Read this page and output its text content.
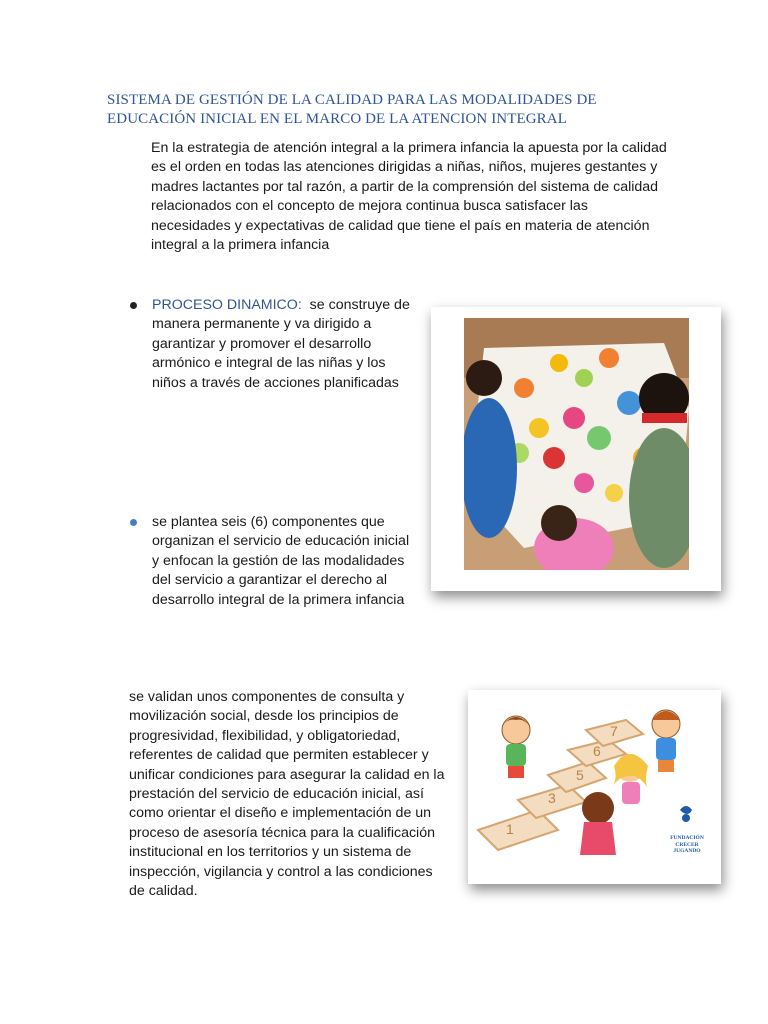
SISTEMA DE GESTIÓN DE LA CALIDAD PARA LAS MODALIDADES DE EDUCACIÓN INICIAL EN EL MARCO DE LA ATENCION INTEGRAL
En la estrategia de atención integral a la primera infancia la apuesta por la calidad es el orden en todas las atenciones dirigidas a niñas, niños, mujeres gestantes y madres lactantes por tal razón, a partir de la comprensión del sistema de calidad relacionados con el concepto de mejora continua busca satisfacer las necesidades y expectativas de calidad que tiene el país en materia de atención integral a la primera infancia
PROCESO DINAMICO: se construye de manera permanente y va dirigido a garantizar y promover el desarrollo armónico e integral de las niñas y los niños a través de acciones planificadas
se plantea seis (6) componentes que organizan el servicio de educación inicial y enfocan la gestión de las modalidades del servicio a garantizar el derecho al desarrollo integral de la primera infancia
se validan unos componentes de consulta y movilización social, desde los principios de progresividad, flexibilidad, y obligatoriedad, referentes de calidad que permiten establecer y unificar condiciones para asegurar la calidad en la prestación del servicio de educación inicial, así como orientar el diseño e implementación de un proceso de asesoría técnica para la cualificación institucional en los territorios y un sistema de inspección, vigilancia y control a las condiciones de calidad.
1
3
5
6
7
FUNDACIÓN
CRECER
JUGANDO
